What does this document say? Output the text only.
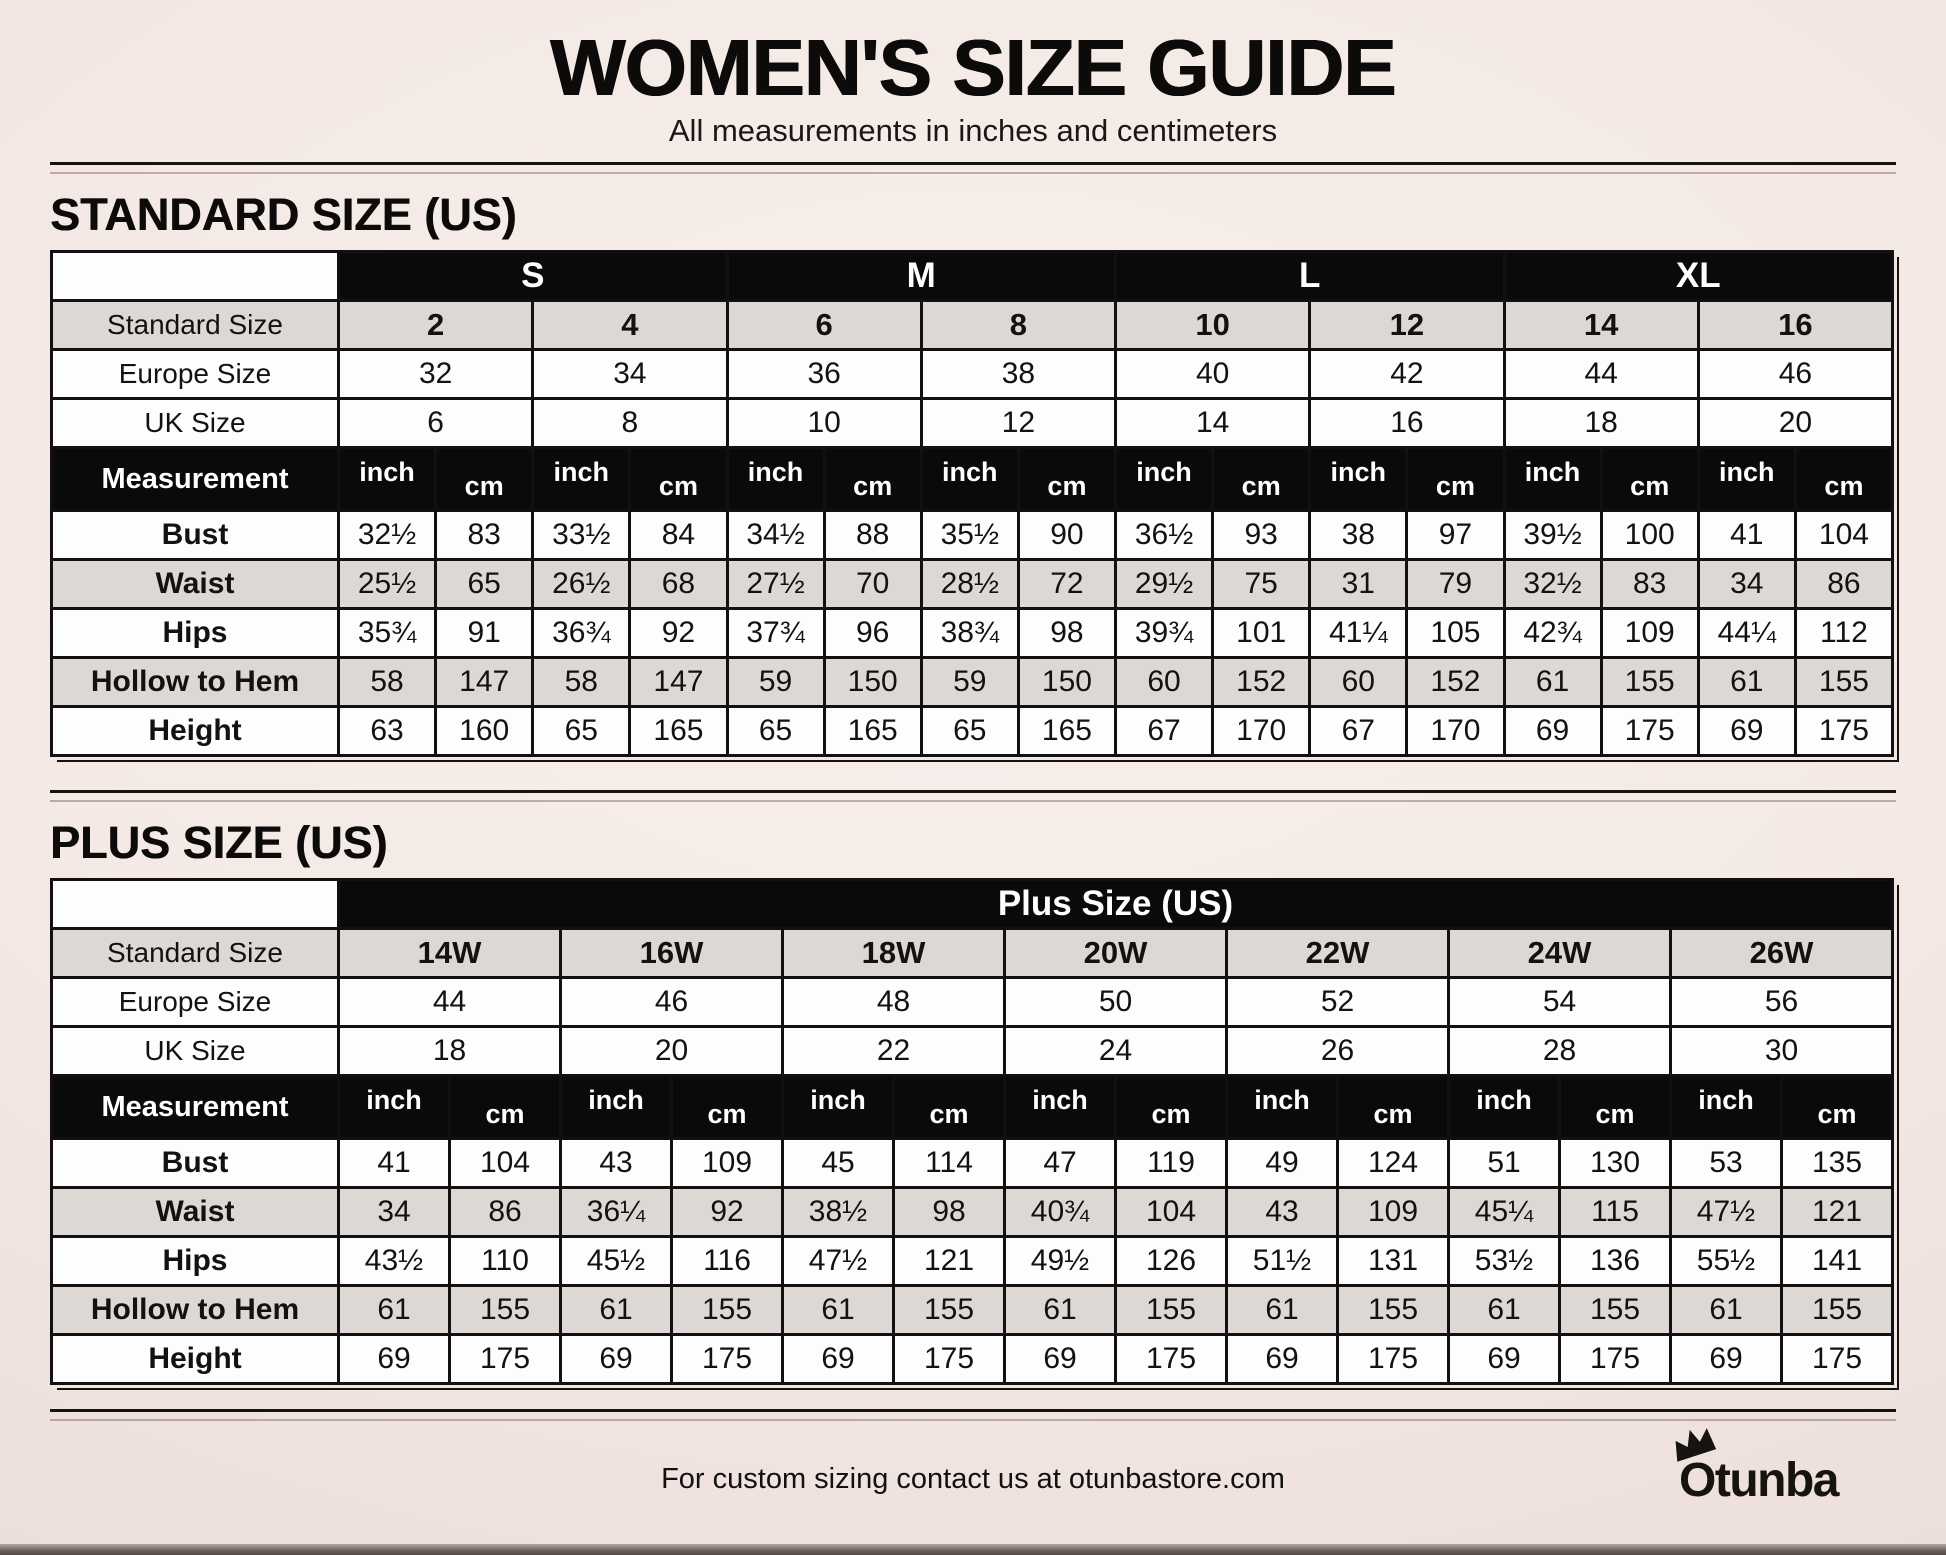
WOMEN'S SIZE GUIDE
All measurements in inches and centimeters
STANDARD SIZE (US)
	S				M				L				XL			
Standard Size	2		4		6		8		10		12		14		16	
Europe Size	32		34		36		38		40		42		44		46	
UK Size	6		8		10		12		14		16		18		20	
Measurement	inch	cm	inch	cm	inch	cm	inch	cm	inch	cm	inch	cm	inch	cm	inch	cm
Bust	32½	83	33½	84	34½	88	35½	90	36½	93	38	97	39½	100	41	104
Waist	25½	65	26½	68	27½	70	28½	72	29½	75	31	79	32½	83	34	86
Hips	35¾	91	36¾	92	37¾	96	38¾	98	39¾	101	41¼	105	42¾	109	44¼	112
Hollow to Hem	58	147	58	147	59	150	59	150	60	152	60	152	61	155	61	155
Height	63	160	65	165	65	165	65	165	67	170	67	170	69	175	69	175
PLUS SIZE (US)
	Plus Size (US)													
Standard Size	14W		16W		18W		20W		22W		24W		26W	
Europe Size	44		46		48		50		52		54		56	
UK Size	18		20		22		24		26		28		30	
Measurement	inch	cm	inch	cm	inch	cm	inch	cm	inch	cm	inch	cm	inch	cm
Bust	41	104	43	109	45	114	47	119	49	124	51	130	53	135
Waist	34	86	36¼	92	38½	98	40¾	104	43	109	45¼	115	47½	121
Hips	43½	110	45½	116	47½	121	49½	126	51½	131	53½	136	55½	141
Hollow to Hem	61	155	61	155	61	155	61	155	61	155	61	155	61	155
Height	69	175	69	175	69	175	69	175	69	175	69	175	69	175
For custom sizing contact us at otunbastore.com	Otunba
